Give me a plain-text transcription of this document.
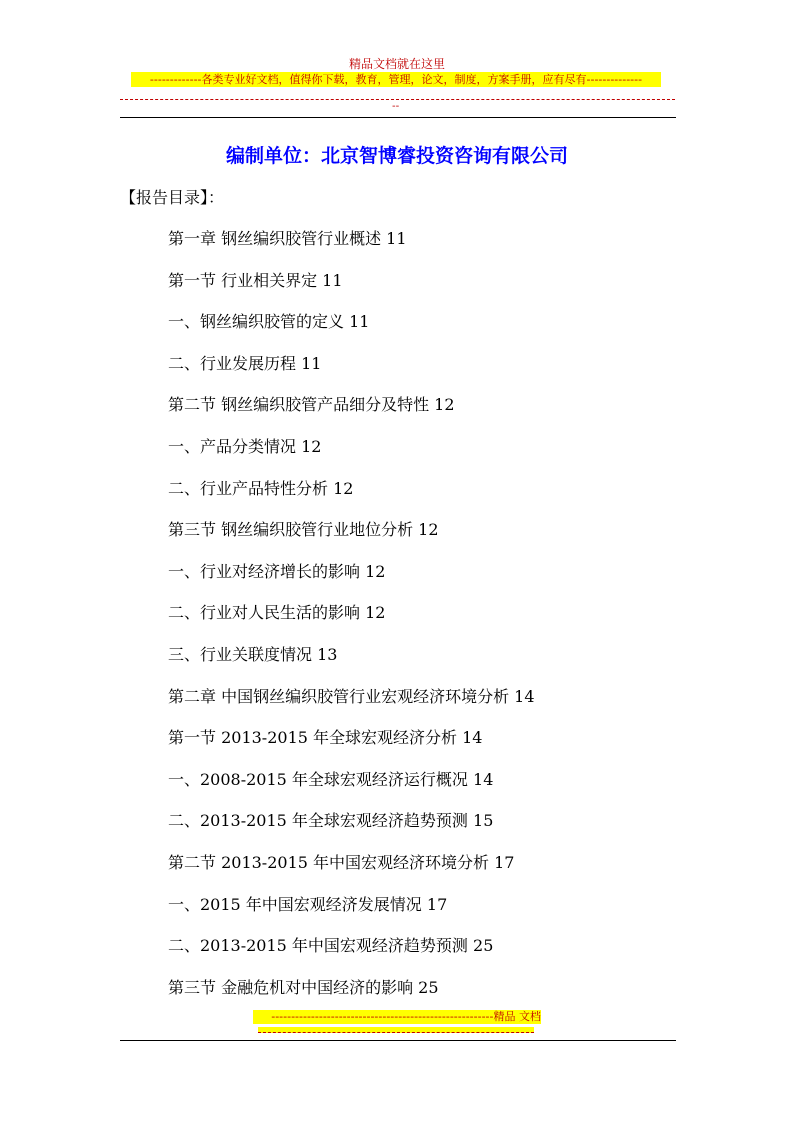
精品文档就在这里
-------------各类专业好文档，值得你下载，教育，管理，论文，制度，方案手册，应有尽有--------------
--
编制单位：北京智博睿投资咨询有限公司
【报告目录】：
第一章 钢丝编织胶管行业概述 11
第一节 行业相关界定 11
一、钢丝编织胶管的定义 11
二、行业发展历程 11
第二节 钢丝编织胶管产品细分及特性 12
一、产品分类情况 12
二、行业产品特性分析 12
第三节 钢丝编织胶管行业地位分析 12
一、行业对经济增长的影响 12
二、行业对人民生活的影响 12
三、行业关联度情况 13
第二章 中国钢丝编织胶管行业宏观经济环境分析 14
第一节 2013-2015 年全球宏观经济分析 14
一、2008-2015 年全球宏观经济运行概况 14
二、2013-2015 年全球宏观经济趋势预测 15
第二节 2013-2015 年中国宏观经济环境分析 17
一、2015 年中国宏观经济发展情况 17
二、2013-2015 年中国宏观经济趋势预测 25
第三节 金融危机对中国经济的影响 25
--------------------------------------------------------精品 文档
